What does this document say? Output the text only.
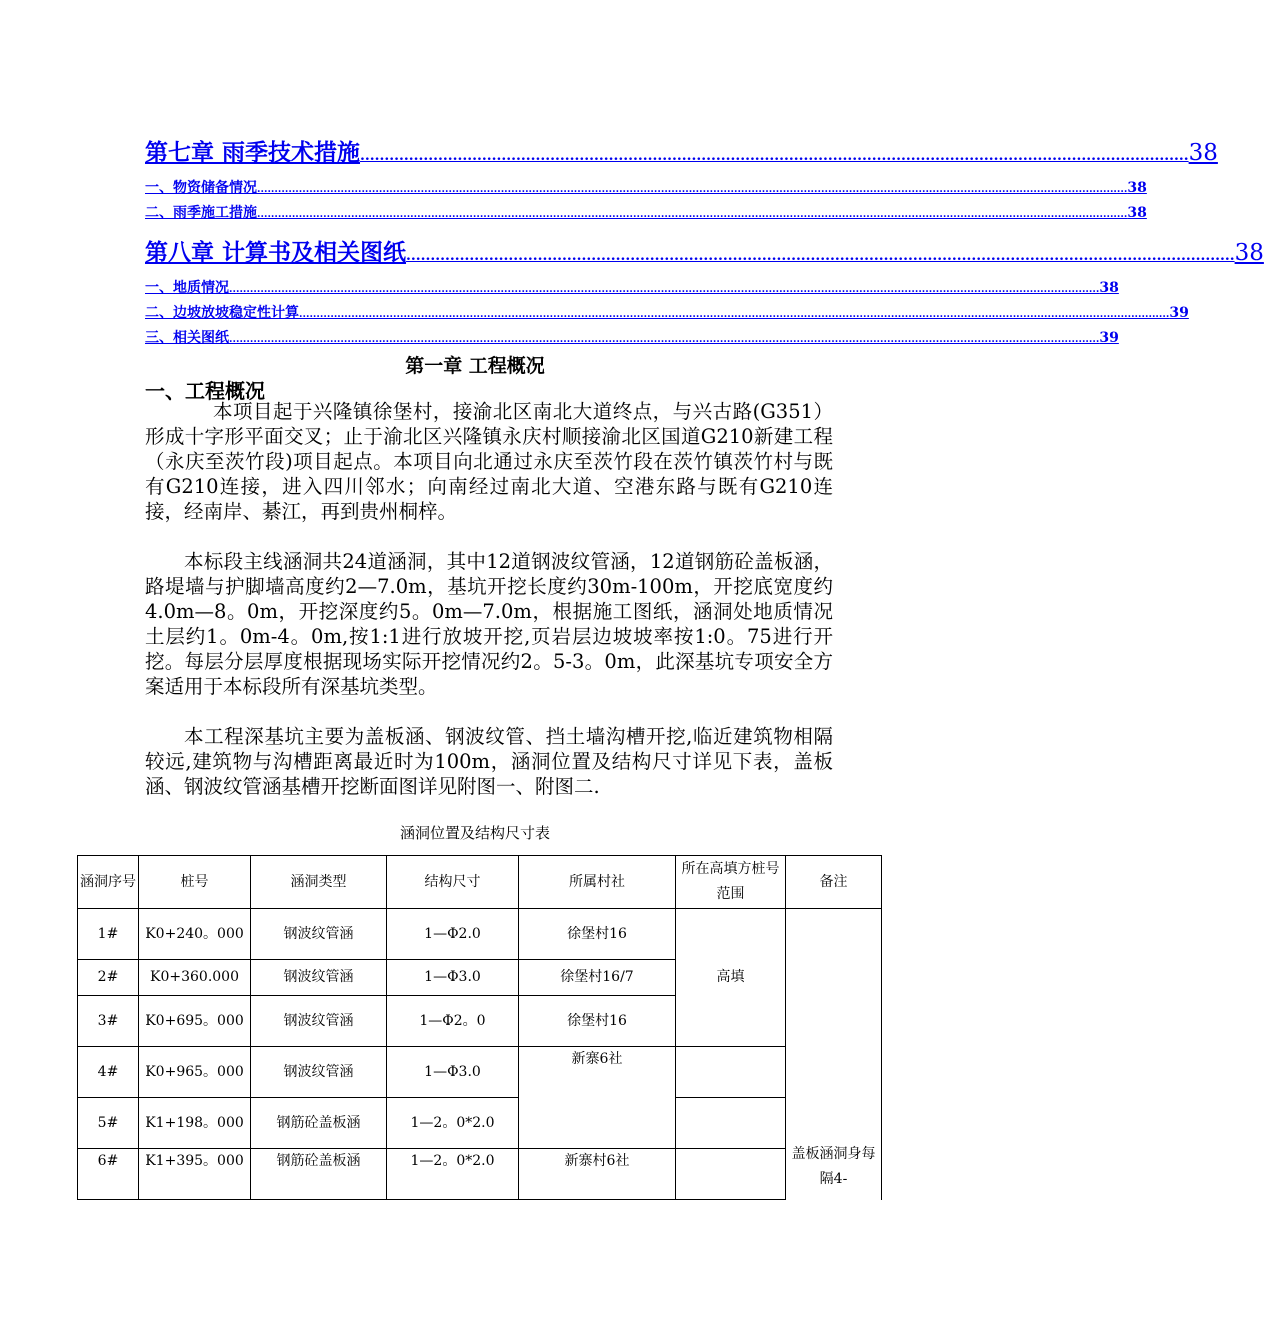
第七章 雨季技术措施 .......................................................................................................................................................................... 38
一、物资储备情况 .......................................................................................................................................................................................................................................................... 38
二、雨季施工措施 .......................................................................................................................................................................................................................................................... 38
第八章 计算书及相关图纸 .......................................................................................................................................................................... 38
一、地质情况 .......................................................................................................................................................................................................................................................... 38
二、边坡放坡稳定性计算 .......................................................................................................................................................................................................................................................... 39
三、相关图纸 .......................................................................................................................................................................................................................................................... 39
第一章 工程概况
一、工程概况
本项目起于兴隆镇徐堡村，接渝北区南北大道终点，与兴古路(G351）形成十字形平面交叉；止于渝北区兴隆镇永庆村顺接渝北区国道G210新建工程（永庆至茨竹段)项目起点。本项目向北通过永庆至茨竹段在茨竹镇茨竹村与既有G210连接，进入四川邻水；向南经过南北大道、空港东路与既有G210连接，经南岸、綦江，再到贵州桐梓。
本标段主线涵洞共24道涵洞，其中12道钢波纹管涵，12道钢筋砼盖板涵，路堤墙与护脚墙高度约2—7.0m，基坑开挖长度约30m-100m，开挖底宽度约4.0m—8。0m，开挖深度约5。0m—7.0m，根据施工图纸，涵洞处地质情况土层约1。0m-4。0m,按1:1进行放坡开挖,页岩层边坡坡率按1:0。75进行开挖。每层分层厚度根据现场实际开挖情况约2。5-3。0m，此深基坑专项安全方案适用于本标段所有深基坑类型。
本工程深基坑主要为盖板涵、钢波纹管、挡土墙沟槽开挖,临近建筑物相隔较远,建筑物与沟槽距离最近时为100m，涵洞位置及结构尺寸详见下表，盖板涵、钢波纹管涵基槽开挖断面图详见附图一、附图二.
涵洞位置及结构尺寸表
涵洞序号	桩号	涵洞类型	结构尺寸	所属村社	所在高填方桩号范围	备注
1#	K0+240。000	钢波纹管涵	1—Φ2.0	徐堡村16	高填	盖板涵洞身每隔4-
2#	K0+360.000	钢波纹管涵	1—Φ3.0	徐堡村16/7		
3#	K0+695。000	钢波纹管涵	1—Φ2。0	徐堡村16		
4#	K0+965。000	钢波纹管涵	1—Φ3.0	新寨6社		
5#	K1+198。000	钢筋砼盖板涵	1—2。0*2.0			
6#	K1+395。000	钢筋砼盖板涵	1—2。0*2.0	新寨村6社		
